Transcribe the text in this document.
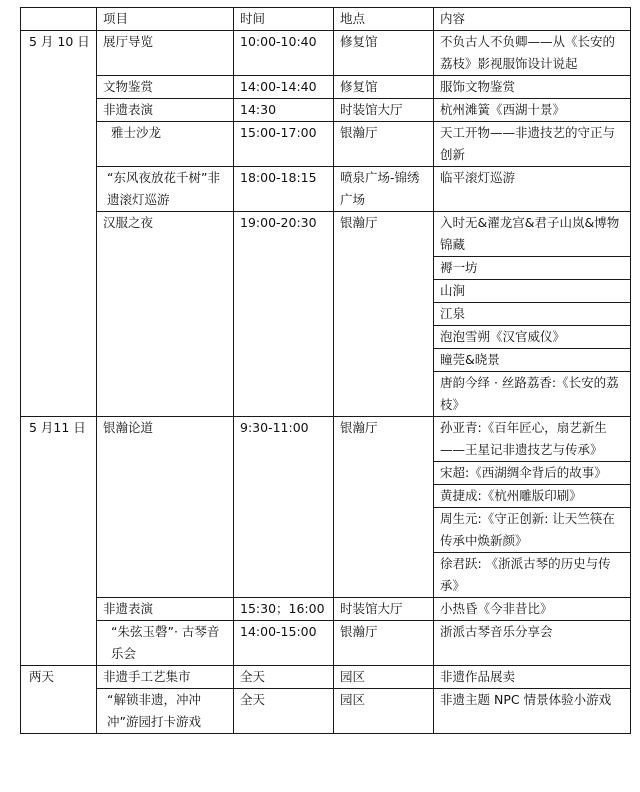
	项目	时间	地点	内容
5 月 10 日	展厅导览	10:00-10:40	修复馆	不负古人不负卿——从《长安的荔枝》影视服饰设计说起
	文物鉴赏	14:00-14:40	修复馆	服饰文物鉴赏
	非遗表演	14:30	时装馆大厅	杭州滩簧《西湖十景》
	雅士沙龙	15:00-17:00	银瀚厅	天工开物——非遗技艺的守正与创新
	“东风夜放花千树”非遗滚灯巡游	18:00-18:15	喷泉广场-锦绣广场	临平滚灯巡游
	汉服之夜	19:00-20:30	银瀚厅	入时无&濯龙宫&君子山岚&博物锦藏
				褥一坊
				山涧
				江泉
				泡泡雪朔《汉官威仪》
				瞳莞&晓景
				唐韵今绎 · 丝路荔香:《长安的荔枝》
5 月11 日	银瀚论道	9:30-11:00	银瀚厅	孙亚青:《百年匠心，扇艺新生——王星记非遗技艺与传承》
				宋超:《西湖绸伞背后的故事》
				黄捷成:《杭州雕版印刷》
				周生元:《守正创新: 让天竺筷在传承中焕新颜》
				徐君跃: 《浙派古琴的历史与传承》
	非遗表演	15:30；16:00	时装馆大厅	小热昏《今非昔比》
	“朱弦玉磬”· 古琴音乐会	14:00-15:00	银瀚厅	浙派古琴音乐分享会
两天	非遗手工艺集市	全天	园区	非遗作品展卖
	“解锁非遗，冲冲冲”游园打卡游戏	全天	园区	非遗主题 NPC 情景体验小游戏
